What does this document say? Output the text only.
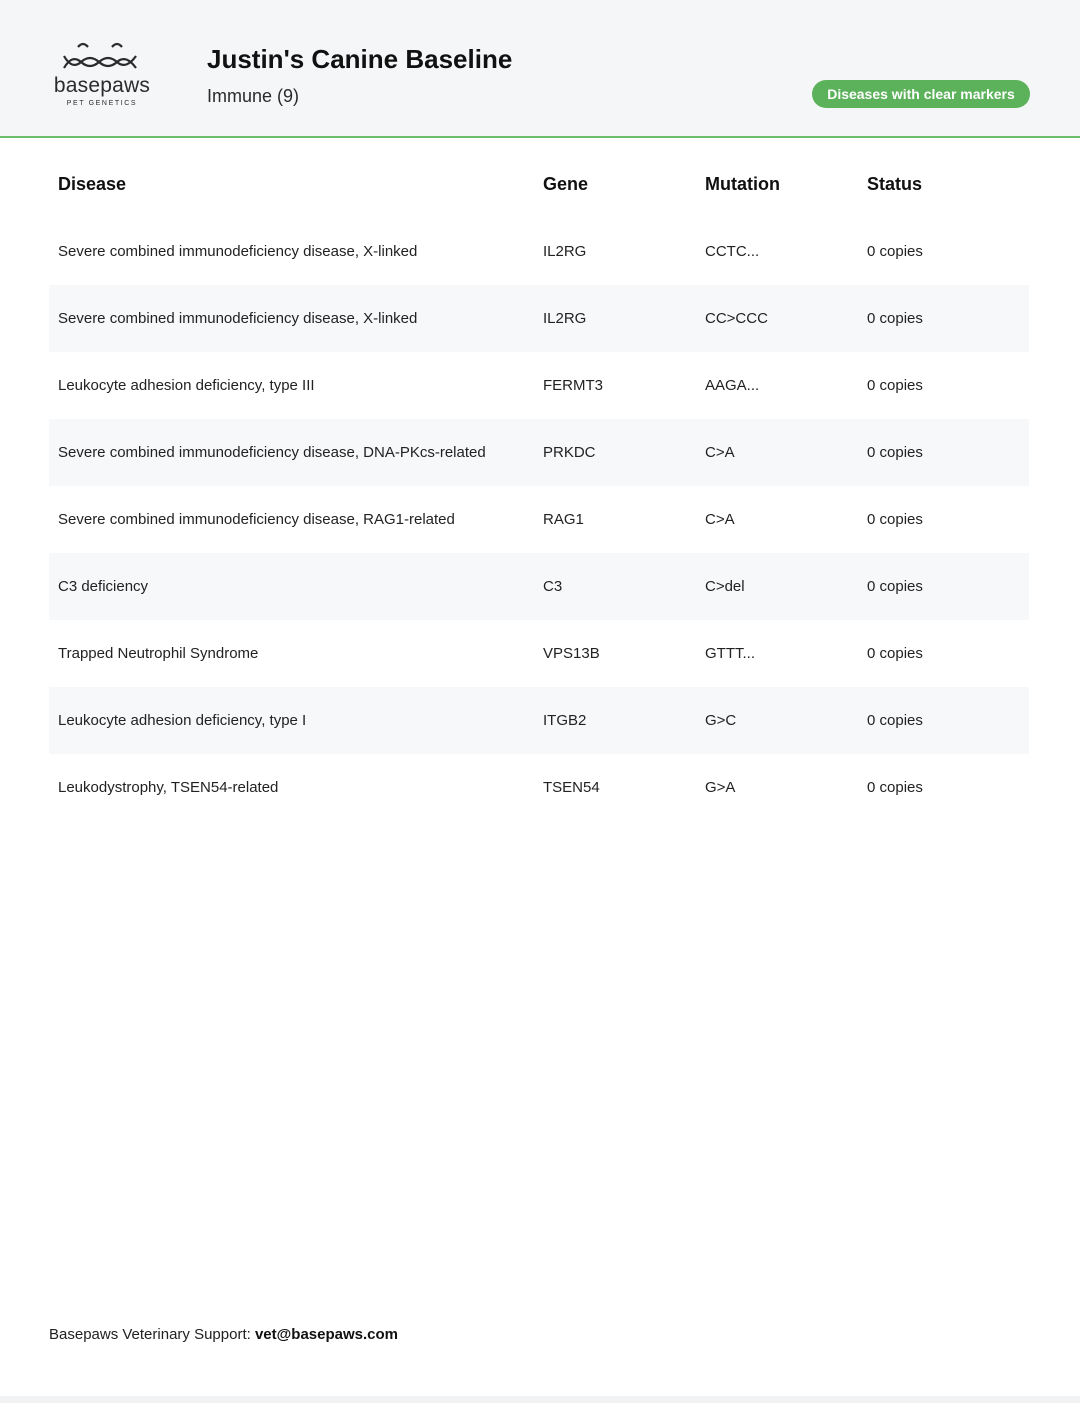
basepaws
PET GENETICS
Justin's Canine Baseline
Immune (9)	Diseases with clear markers
Disease	Gene	Mutation	Status
Severe combined immunodeficiency disease, X-linked	IL2RG	CCTC...	0 copies
Severe combined immunodeficiency disease, X-linked	IL2RG	CC>CCC	0 copies
Leukocyte adhesion deficiency, type III	FERMT3	AAGA...	0 copies
Severe combined immunodeficiency disease, DNA-PKcs-related	PRKDC	C>A	0 copies
Severe combined immunodeficiency disease, RAG1-related	RAG1	C>A	0 copies
C3 deficiency	C3	C>del	0 copies
Trapped Neutrophil Syndrome	VPS13B	GTTT...	0 copies
Leukocyte adhesion deficiency, type I	ITGB2	G>C	0 copies
Leukodystrophy, TSEN54-related	TSEN54	G>A	0 copies
Basepaws Veterinary Support: vet@basepaws.com
